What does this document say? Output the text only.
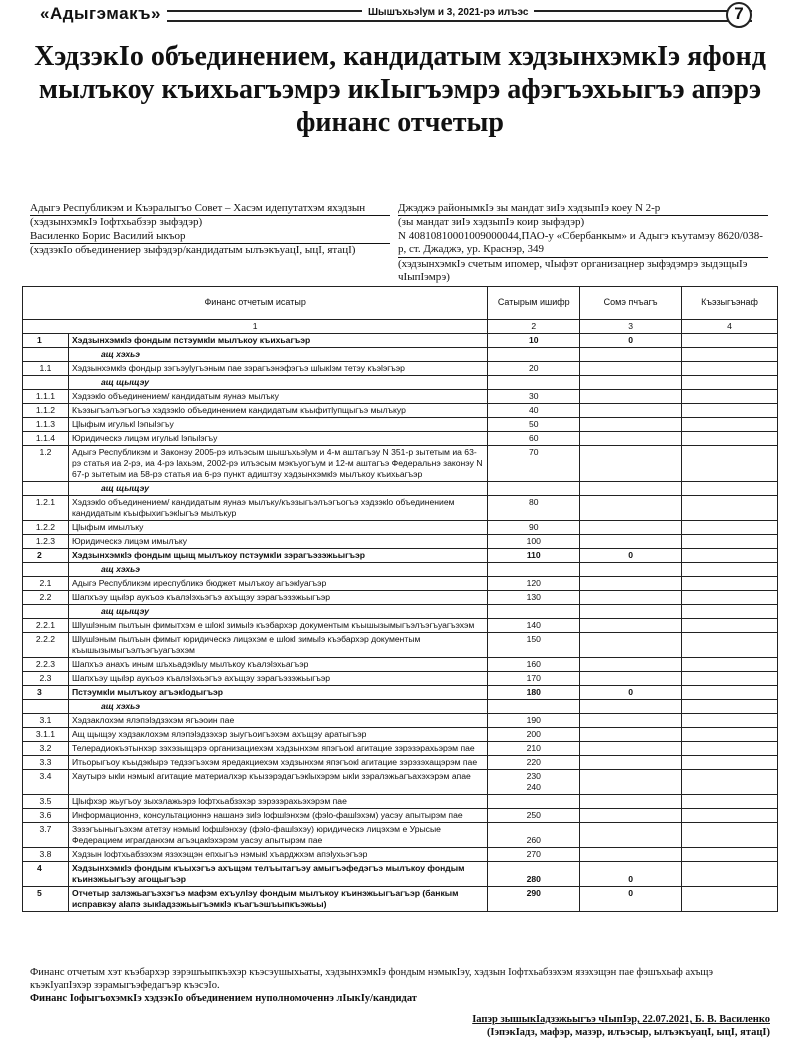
«Адыгэмакъ»	Шышъхьэlум и 3, 2021-рэ илъэс	7
ХэдзэкIо объединением, кандидатым хэдзынхэмкIэ яфонд мылъкоу къихьагъэмрэ икIыгъэмрэ афэгъэхьыгъэ апэрэ финанс отчетыр
Адыгэ Республикэм и Къэралыгъо Совет – Хасэм идепутатхэм яхэдзын
(хэдзынхэмкIэ Iофтхьабзэр зыфэдэр)
Василенко Борис Василий ыкъор
(хэдзэкIо объединениер зыфэдэр/кандидатым ылъэкъуацI, ыцI, ятацI)
Джэджэ районымкIэ зы мандат зиIэ хэдзыпIэ коеу N 2-р
(зы мандат зиIэ хэдзыпIэ коир зыфэдэр)
N 40810810001009000044,ПАО-у «Сбербанкым» и Адыгэ къутамэу 8620/038-р, ст. Джаджэ, ур. Краснэр, 349
(хэдзынхэмкIэ счетым ипомер, чIыфэт организацнер зыфэдэмрэ зыдэщыIэ чIыпIэмрэ)
Финанс отчетым исатыр		Сатырым ишифр	Сомэ пчъагъ	Къэзыгъэнаф
1		2	3	4
1	Хэдзынхэмкlэ фондым пстэумкlи мылъкоу къихьагъэр	10	0	
	ащ хэхьэ			
1.1	Хэдзынхэмкlэ фондыр зэгъэуlугъэным пае зэрагъэнэфэгъэ шlыкlэм тетэу къэlэгъэр	20		
	ащ щыщэу			
1.1.1	Хэдзэкlо объединением/ кандидатым яунаэ мылъку	30		
1.1.2	Къэзыгъэлъэгъогъэ хэдзэкlо объединением кандидатым къыфитlупщыгъэ мылъкур	40		
1.1.3	Цlыфым игулькl lэпыlэгъу	50		
1.1.4	Юридическэ лицэм игулькl lэпыlэгъу	60		
1.2	Адыгэ Республикэм и Законэу 2005-рэ илъэсым шышъхьэlум и 4-м аштагъэу N 351-р зытетым иа 63-рэ статья иа 2-рэ, иа 4-рэ lахьэм, 2002-рэ илъэсым мэкъуогъум и 12-м аштагъэ Федеральнэ законэу N 67-р зытетым иа 58-рэ статья иа 6-рэ пункт адиштэу хэдзынхэмкlэ мылъкоу къихьагъэр	70		
	ащ щыщэу			
1.2.1	Хэдзэкlо объединением/ кандидатым яунаэ мылъку/къэзыгъэлъэгъогъэ хэдзэкlо объединением кандидатым къыфыхигъэкlыгъэ мылъкур	80		
1.2.2	Цlыфым имылъку	90		
1.2.3	Юридическэ лицэм имылъку	100		
2	Хэдзынхэмкlэ фондым щыщ мылъкоу пстэумкlи зэрагъэзэжьыгъэр	110	0	
	ащ хэхьэ			
2.1	Адыгэ Республикэм иреспубликэ бюджет мылъкоу агъэкlуагъэр	120		
2.2	Шапхъэу щыlэр аукъоэ къалэlэхьэгъэ ахъщэу зэрагъэзэжьыгъэр	130		
	ащ щыщэу			
2.2.1	Шlушlэным пылъын фимытхэм е шlокl зимыlэ къэбархэр документым къышызымыгъэлъэгъуагъэхэм	140		
2.2.2	Шlушlэным пылъын фимыт юридическэ лицэхэм е шlокl зимыlэ къэбархэр документым къышызымыгъэлъэгъуагъэхэм	150		
2.2.3	Шапхъэ анахъ иным шъхьадэкlыу мылъкоу къалэlэхьагъэр	160		
2.3	Шапхъэу щыlэр аукъоэ къалэlэхьэгъэ ахъщэу зэрагъэзэжьыгъэр	170		
3	Пстэумкlи мылъкоу агъэкlодыгъэр	180	0	
	ащ хэхьэ			
3.1	Хэдзаклохэм ялэпэlэдзэхэм ягъэоин пае	190		
3.1.1	Ащ щыщэу хэдзаклохэм ялэпэlэдзэхэр зыугъоигъэхэм ахъщэу аратыгъэр	200		
3.2	Телерадиокъэтынхэр зэхэзыщэрэ организациехэм хэдзынхэм япэгъокl агитацие зэрэзэрахьэрэм пае	210		
3.3	Итьорыгъоу къыдэкlырэ тедзэгъэхэм яредакциехэм хэдзынхэм япэгъокl агитацие зэрэзэхащэрэм пае	220		
3.4	Хаутырэ ыкlи нэмыкl агитацие материалхэр къызэрэдагъэкlыхэрэм ыкlи зэралэжьагъахэхэрэм апае	230
240		
3.5	Цlыфхэр жьугъоу зыхэлажьэрэ lофтхьабзэхэр зэрэзэрахьэхэрэм пае			
3.6	Информационнэ, консультационнэ нашанэ зиlэ lофшlэнхэм (фэlо-фашlэхэм) уасэу апытырэм пае	250		
3.7	Зэзэгъыныгъэхэм атетэу нэмыкl lофшlэнхэу (фэlо-фашlэхэу) юридическэ лицэхэм е Урысые Федерацием играгданхэм агъэцакlэхэрэм уасэу апытырэм пае	260		
3.8	Хэдзын lофтхьабзэхэм язэхэщэн епхыгъэ нэмыкl хъарджхэм апэlухьэгъэр	270		
4	Хэдзынхэмкlэ фондым къыхэгъэ ахъщэм телъытагъэу амыгъэфедэгъэ мылъкоу фондым къинэжьыгъэу агощыгъэр	280	0	
5	Отчетыр залэжьагъэхэгъэ мафэм ехъулlэу фондым мылъкоу къинэжьыгъагъэр (банкым исправкэу alапэ зыкlадзэжьыгъэмкlэ къагъэшъыпкъэжьы)	290	0	
Финанс отчетым хэт къэбархэр зэрэшъыпкъэхэр къэсэушыхьаты, хэдзынхэмкIэ фондым нэмыкIэу, хэдзын Iофтхьабзэхэм язэхэщэн пае фэшъхьаф ахъщэ къэкIуапIэхэр зэрамыгъэфедагъэр къэсэIо.
Финанс IофыгъохэмкIэ хэдзэкIо объединением нуполномоченнэ лIыкIу/кандидат
Iапэр зышыкIадзэжьыгъэ чIыпIэр, 22.07.2021, Б. В. Василенко
(IэпэкIадз, мафэр, мазэр, илъэсыр, ылъэкъуацI, ыцI, ятацI)
